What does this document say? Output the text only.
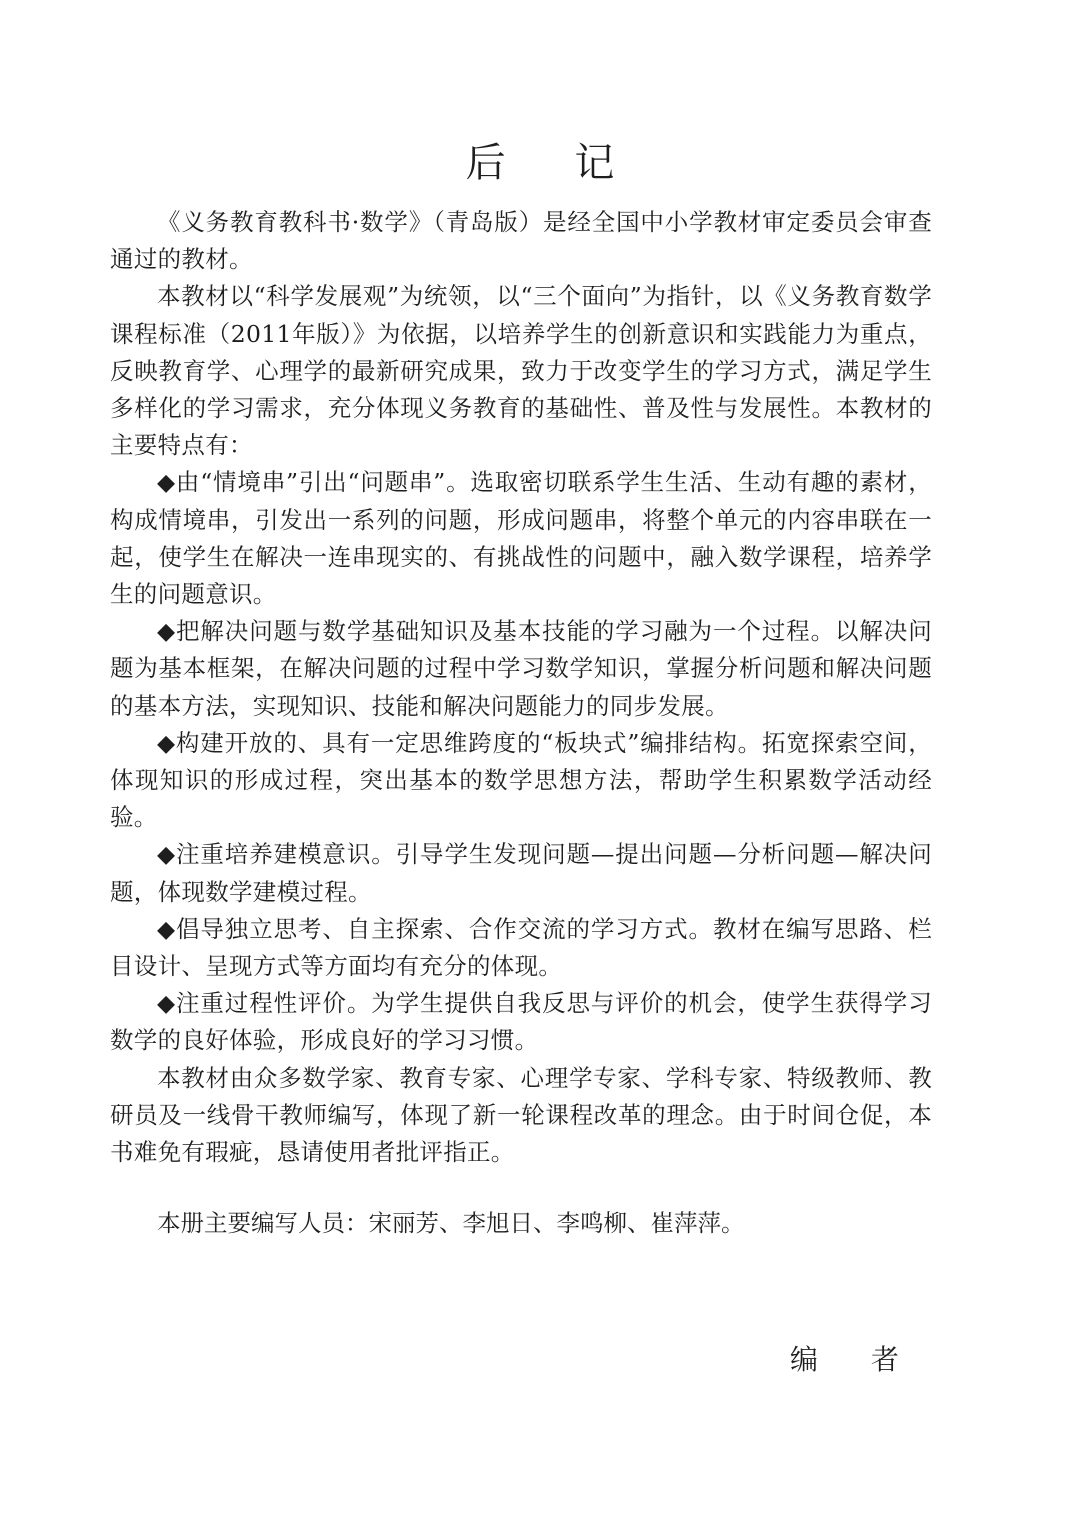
后 记

《义务教育教科书·数学》（青岛版）是经全国中小学教材审定委员会审查通过的教材。

本教材以“科学发展观”为统领，以“三个面向”为指针，以《义务教育数学课程标准（2011年版）》为依据，以培养学生的创新意识和实践能力为重点，反映教育学、心理学的最新研究成果，致力于改变学生的学习方式，满足学生多样化的学习需求，充分体现义务教育的基础性、普及性与发展性。本教材的主要特点有：

◆由“情境串”引出“问题串”。选取密切联系学生生活、生动有趣的素材，构成情境串，引发出一系列的问题，形成问题串，将整个单元的内容串联在一起，使学生在解决一连串现实的、有挑战性的问题中，融入数学课程，培养学生的问题意识。

◆把解决问题与数学基础知识及基本技能的学习融为一个过程。以解决问题为基本框架，在解决问题的过程中学习数学知识，掌握分析问题和解决问题的基本方法，实现知识、技能和解决问题能力的同步发展。

◆构建开放的、具有一定思维跨度的“板块式”编排结构。拓宽探索空间，体现知识的形成过程，突出基本的数学思想方法，帮助学生积累数学活动经验。

◆注重培养建模意识。引导学生发现问题—提出问题—分析问题—解决问题，体现数学建模过程。

◆倡导独立思考、自主探索、合作交流的学习方式。教材在编写思路、栏目设计、呈现方式等方面均有充分的体现。

◆注重过程性评价。为学生提供自我反思与评价的机会，使学生获得学习数学的良好体验，形成良好的学习习惯。

本教材由众多数学家、教育专家、心理学专家、学科专家、特级教师、教研员及一线骨干教师编写，体现了新一轮课程改革的理念。由于时间仓促，本书难免有瑕疵，恳请使用者批评指正。

本册主要编写人员：宋丽芳、李旭日、李鸣柳、崔萍萍。

编 者
